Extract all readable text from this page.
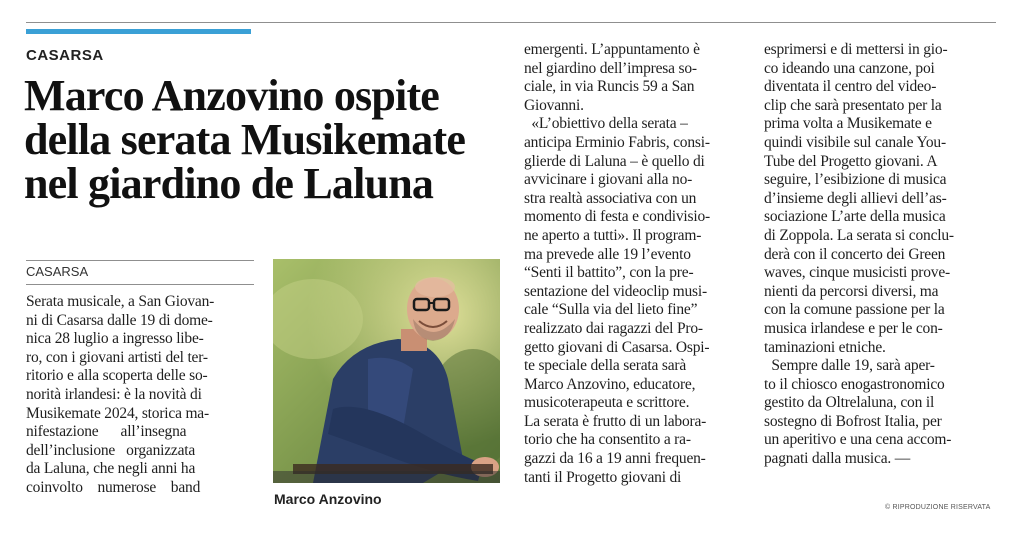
CASARSA
Marco Anzovino ospite
della serata Musikemate
nel giardino de Laluna
CASARSA

Serata musicale, a San Giovan-
ni di Casarsa dalle 19 di dome-
nica 28 luglio a ingresso libe-
ro, con i giovani artisti del ter-
ritorio e alla scoperta delle so-
norità irlandesi: è la novità di
Musikemate 2024, storica ma-
nifestazione      all’insegna
dell’inclusione   organizzata
da Laluna, che negli anni ha
coinvolto    numerose    band

Marco Anzovino

emergenti. L’appuntamento è
nel giardino dell’impresa so-
ciale, in via Runcis 59 a San
Giovanni.
«L’obiettivo della serata –
anticipa Erminio Fabris, consi-
glierde di Laluna – è quello di
avvicinare i giovani alla no-
stra realtà associativa con un
momento di festa e condivisio-
ne aperto a tutti». Il program-
ma prevede alle 19 l’evento
“Senti il battito”, con la pre-
sentazione del videoclip musi-
cale “Sulla via del lieto fine”
realizzato dai ragazzi del Pro-
getto giovani di Casarsa. Ospi-
te speciale della serata sarà
Marco Anzovino, educatore,
musicoterapeuta e scrittore.
La serata è frutto di un labora-
torio che ha consentito a ra-
gazzi da 16 a 19 anni frequen-
tanti il Progetto giovani di

esprimersi e di mettersi in gio-
co ideando una canzone, poi
diventata il centro del video-
clip che sarà presentato per la
prima volta a Musikemate e
quindi visibile sul canale You-
Tube del Progetto giovani. A
seguire, l’esibizione di musica
d’insieme degli allievi dell’as-
sociazione L’arte della musica
di Zoppola. La serata si conclu-
derà con il concerto dei Green
waves, cinque musicisti prove-
nienti da percorsi diversi, ma
con la comune passione per la
musica irlandese e per le con-
taminazioni etniche.
Sempre dalle 19, sarà aper-
to il chiosco enogastronomico
gestito da Oltrelaluna, con il
sostegno di Bofrost Italia, per
un aperitivo e una cena accom-
pagnati dalla musica. —

© RIPRODUZIONE RISERVATA
